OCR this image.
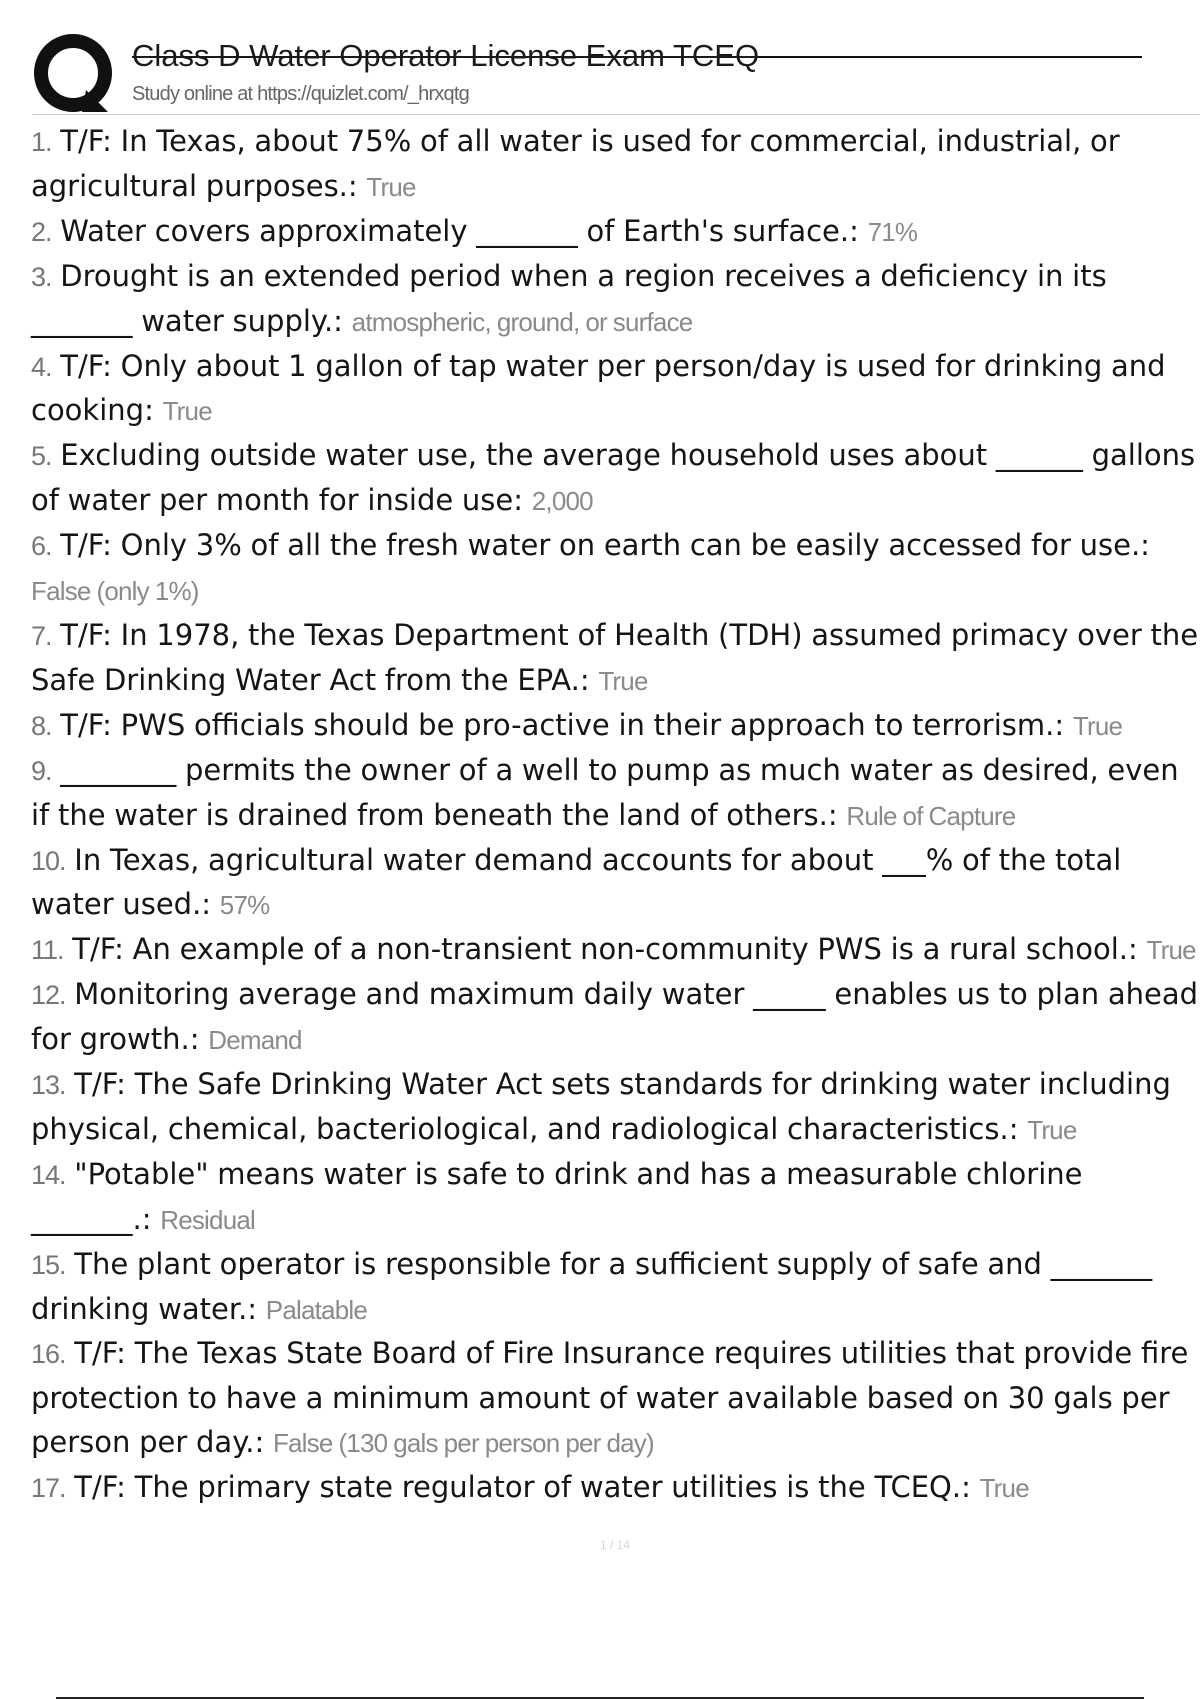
Class D Water Operator License Exam TCEQ
Study online at https://quizlet.com/_hrxqtg
1. T/F: In Texas, about 75% of all water is used for commercial, industrial, or agricultural purposes.: True
2. Water covers approximately _______ of Earth's surface.: 71%
3. Drought is an extended period when a region receives a deficiency in its _______ water supply.: atmospheric, ground, or surface
4. T/F: Only about 1 gallon of tap water per person/day is used for drinking and cooking: True
5. Excluding outside water use, the average household uses about ______ gallons of water per month for inside use: 2,000
6. T/F: Only 3% of all the fresh water on earth can be easily accessed for use.: False (only 1%)
7. T/F: In 1978, the Texas Department of Health (TDH) assumed primacy over the Safe Drinking Water Act from the EPA.: True
8. T/F: PWS officials should be pro-active in their approach to terrorism.: True
9. ________ permits the owner of a well to pump as much water as desired, even if the water is drained from beneath the land of others.: Rule of Capture
10. In Texas, agricultural water demand accounts for about ___% of the total water used.: 57%
11. T/F: An example of a non-transient non-community PWS is a rural school.: True
12. Monitoring average and maximum daily water _____ enables us to plan ahead for growth.: Demand
13. T/F: The Safe Drinking Water Act sets standards for drinking water including physical, chemical, bacteriological, and radiological characteristics.: True
14. "Potable" means water is safe to drink and has a measurable chlorine _______.: Residual
15. The plant operator is responsible for a sufficient supply of safe and _______ drinking water.: Palatable
16. T/F: The Texas State Board of Fire Insurance requires utilities that provide fire protection to have a minimum amount of water available based on 30 gals per person per day.: False (130 gals per person per day)
17. T/F: The primary state regulator of water utilities is the TCEQ.: True
1 / 14
